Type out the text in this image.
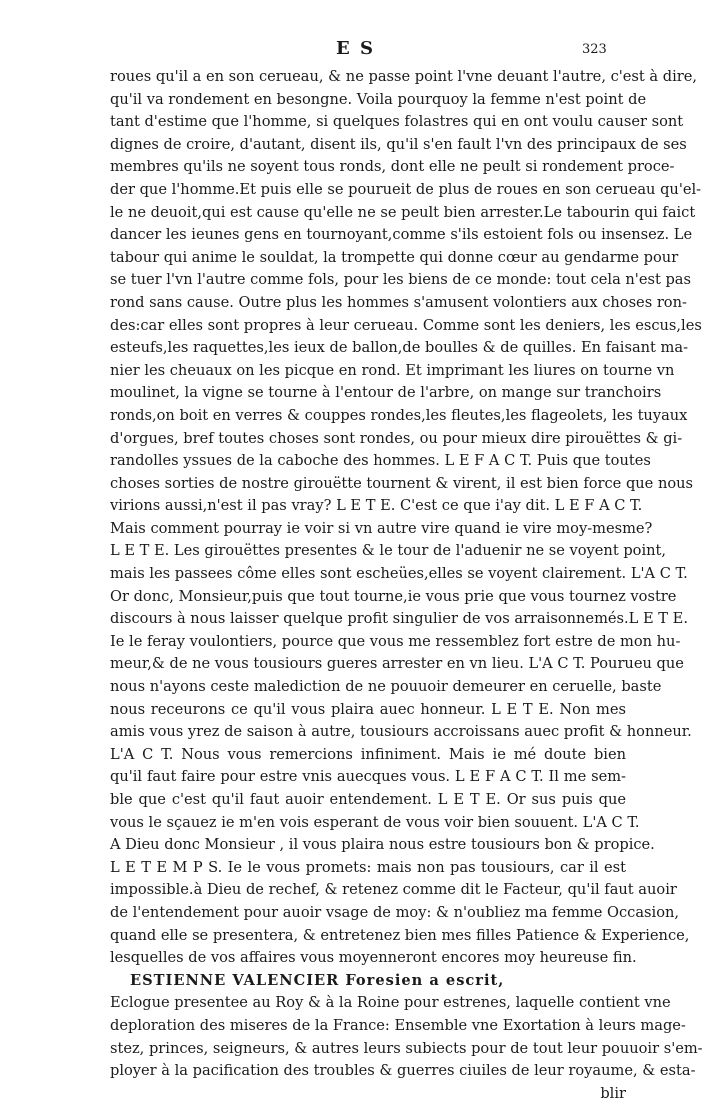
E S	323
roues qu'il a en son cerueau, & ne passe point l'vne deuant l'autre, c'est à dire,
qu'il va rondement en besongne. Voila pourquoy la femme n'est point de
tant d'estime que l'homme, si quelques folastres qui en ont voulu causer sont
dignes de croire, d'autant, disent ils, qu'il s'en fault l'vn des principaux de ses
membres qu'ils ne soyent tous ronds, dont elle ne peult si rondement proce-
der que l'homme.Et puis elle se pourueit de plus de roues en son cerueau qu'el-
le ne deuoit,qui est cause qu'elle ne se peult bien arrester.Le tabourin qui faict
dancer les ieunes gens en tournoyant,comme s'ils estoient fols ou insensez. Le
tabour qui anime le souldat, la trompette qui donne cœur au gendarme pour
se tuer l'vn l'autre comme fols, pour les biens de ce monde: tout cela n'est pas
rond sans cause. Outre plus les hommes s'amusent volontiers aux choses ron-
des:car elles sont propres à leur cerueau. Comme sont les deniers, les escus,les
esteufs,les raquettes,les ieux de ballon,de boulles & de quilles. En faisant ma-
nier les cheuaux on les picque en rond. Et imprimant les liures on tourne vn
moulinet, la vigne se tourne à l'entour de l'arbre, on mange sur tranchoirs
ronds,on boit en verres & couppes rondes,les fleutes,les flageolets, les tuyaux
d'orgues, bref toutes choses sont rondes, ou pour mieux dire pirouëttes & gi-
randolles yssues de la caboche des hommes. L E F A C T. Puis que toutes
choses sorties de nostre girouëtte tournent & virent, il est bien force que nous
virions aussi,n'est il pas vray? L E T E. C'est ce que i'ay dit. L E F A C T.
Mais comment pourray ie voir si vn autre vire quand ie vire moy-mesme?
L E T E. Les girouëttes presentes & le tour de l'aduenir ne se voyent point,
mais les passees côme elles sont escheües,elles se voyent clairement. L'A C T.
Or donc, Monsieur,puis que tout tourne,ie vous prie que vous tournez vostre
discours à nous laisser quelque profit singulier de vos arraisonnemés.L E T E.
Ie le feray voulontiers, pource que vous me ressemblez fort estre de mon hu-
meur,& de ne vous tousiours gueres arrester en vn lieu. L'A C T. Pourueu que
nous n'ayons ceste malediction de ne pouuoir demeurer en ceruelle, baste
nous receurons ce qu'il vous plaira auec honneur. L E T E. Non mes
amis vous yrez de saison à autre, tousiours accroissans auec profit & honneur.
L'A C T. Nous vous remercions infiniment. Mais ie mé doute bien
qu'il faut faire pour estre vnis auecques vous. L E F A C T. Il me sem-
ble que c'est qu'il faut auoir entendement. L E T E. Or sus puis que
vous le sçauez ie m'en vois esperant de vous voir bien souuent. L'A C T.
A Dieu donc Monsieur , il vous plaira nous estre tousiours bon & propice.
L E T E M P S. Ie le vous promets: mais non pas tousiours, car il est
impossible.à Dieu de rechef, & retenez comme dit le Facteur, qu'il faut auoir
de l'entendement pour auoir vsage de moy: & n'oubliez ma femme Occasion,
quand elle se presentera, & entretenez bien mes filles Patience & Experience,
lesquelles de vos affaires vous moyenneront encores moy heureuse fin.
ESTIENNE VALENCIER Foresien a escrit,
Eclogue presentee au Roy & à la Roine pour estrenes, laquelle contient vne
deploration des miseres de la France: Ensemble vne Exortation à leurs mage-
stez, princes, seigneurs, & autres leurs subiects pour de tout leur pouuoir s'em-
ployer à la pacification des troubles & guerres ciuiles de leur royaume, & esta-
blir
